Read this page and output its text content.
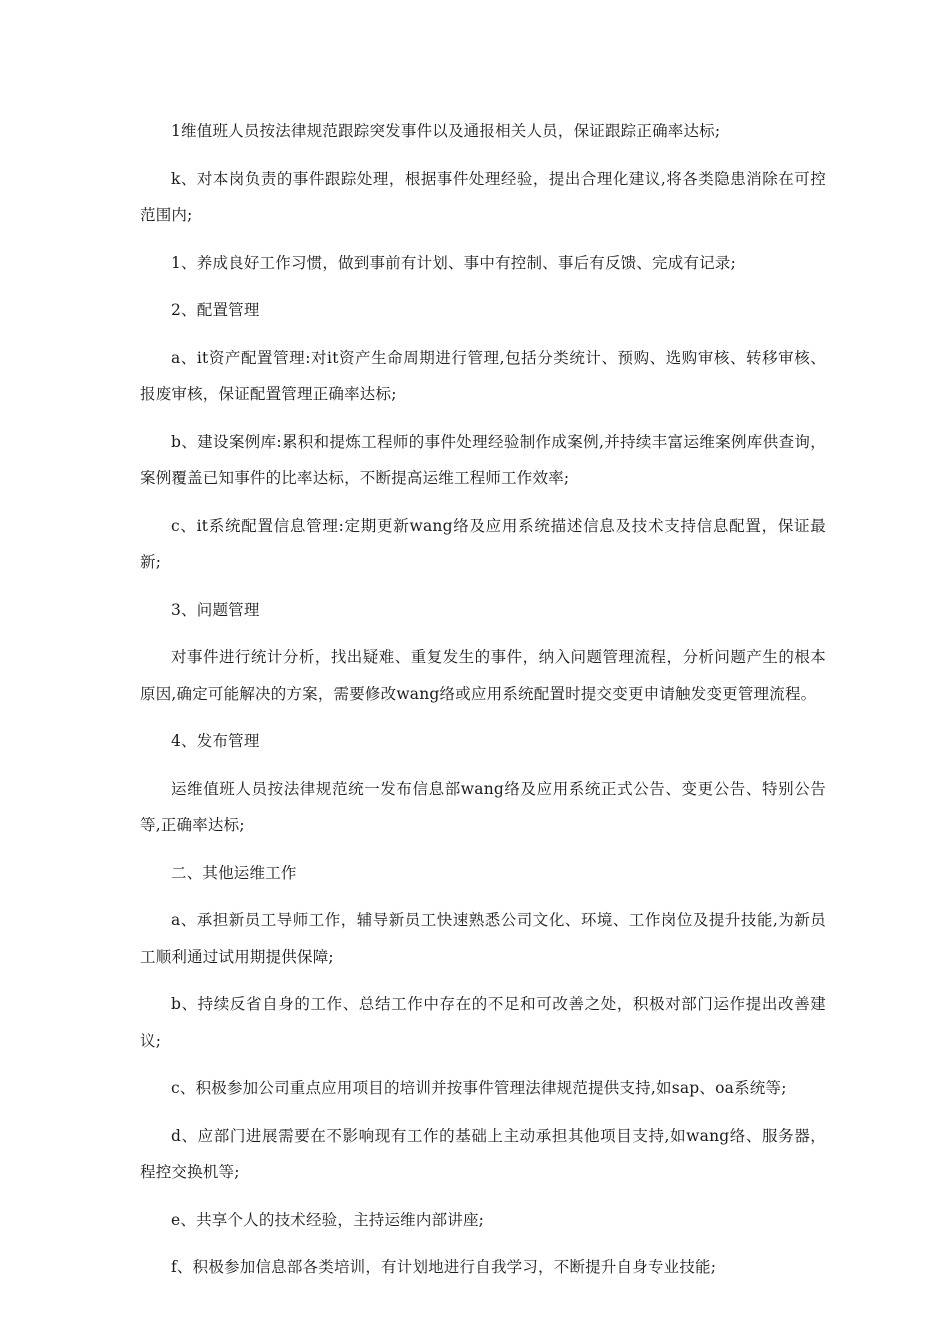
1维值班人员按法律规范跟踪突发事件以及通报相关人员，保证跟踪正确率达标;

k、对本岗负责的事件跟踪处理，根据事件处理经验，提出合理化建议,将各类隐患消除在可控范围内;

1、养成良好工作习惯，做到事前有计划、事中有控制、事后有反馈、完成有记录;

2、配置管理

a、it资产配置管理:对it资产生命周期进行管理,包括分类统计、预购、选购审核、转移审核、报废审核，保证配置管理正确率达标;

b、建设案例库:累积和提炼工程师的事件处理经验制作成案例,并持续丰富运维案例库供查询，案例覆盖已知事件的比率达标，不断提高运维工程师工作效率;

c、it系统配置信息管理:定期更新wang络及应用系统描述信息及技术支持信息配置，保证最新;

3、问题管理

对事件进行统计分析，找出疑难、重复发生的事件，纳入问题管理流程，分析问题产生的根本原因,确定可能解决的方案，需要修改wang络或应用系统配置时提交变更申请触发变更管理流程。

4、发布管理

运维值班人员按法律规范统一发布信息部wang络及应用系统正式公告、变更公告、特别公告等,正确率达标;

二、其他运维工作

a、承担新员工导师工作，辅导新员工快速熟悉公司文化、环境、工作岗位及提升技能,为新员工顺利通过试用期提供保障;

b、持续反省自身的工作、总结工作中存在的不足和可改善之处，积极对部门运作提出改善建议;

c、积极参加公司重点应用项目的培训并按事件管理法律规范提供支持,如sap、oa系统等;

d、应部门进展需要在不影响现有工作的基础上主动承担其他项目支持,如wang络、服务器，程控交换机等;

e、共享个人的技术经验，主持运维内部讲座;

f、积极参加信息部各类培训，有计划地进行自我学习，不断提升自身专业技能;
